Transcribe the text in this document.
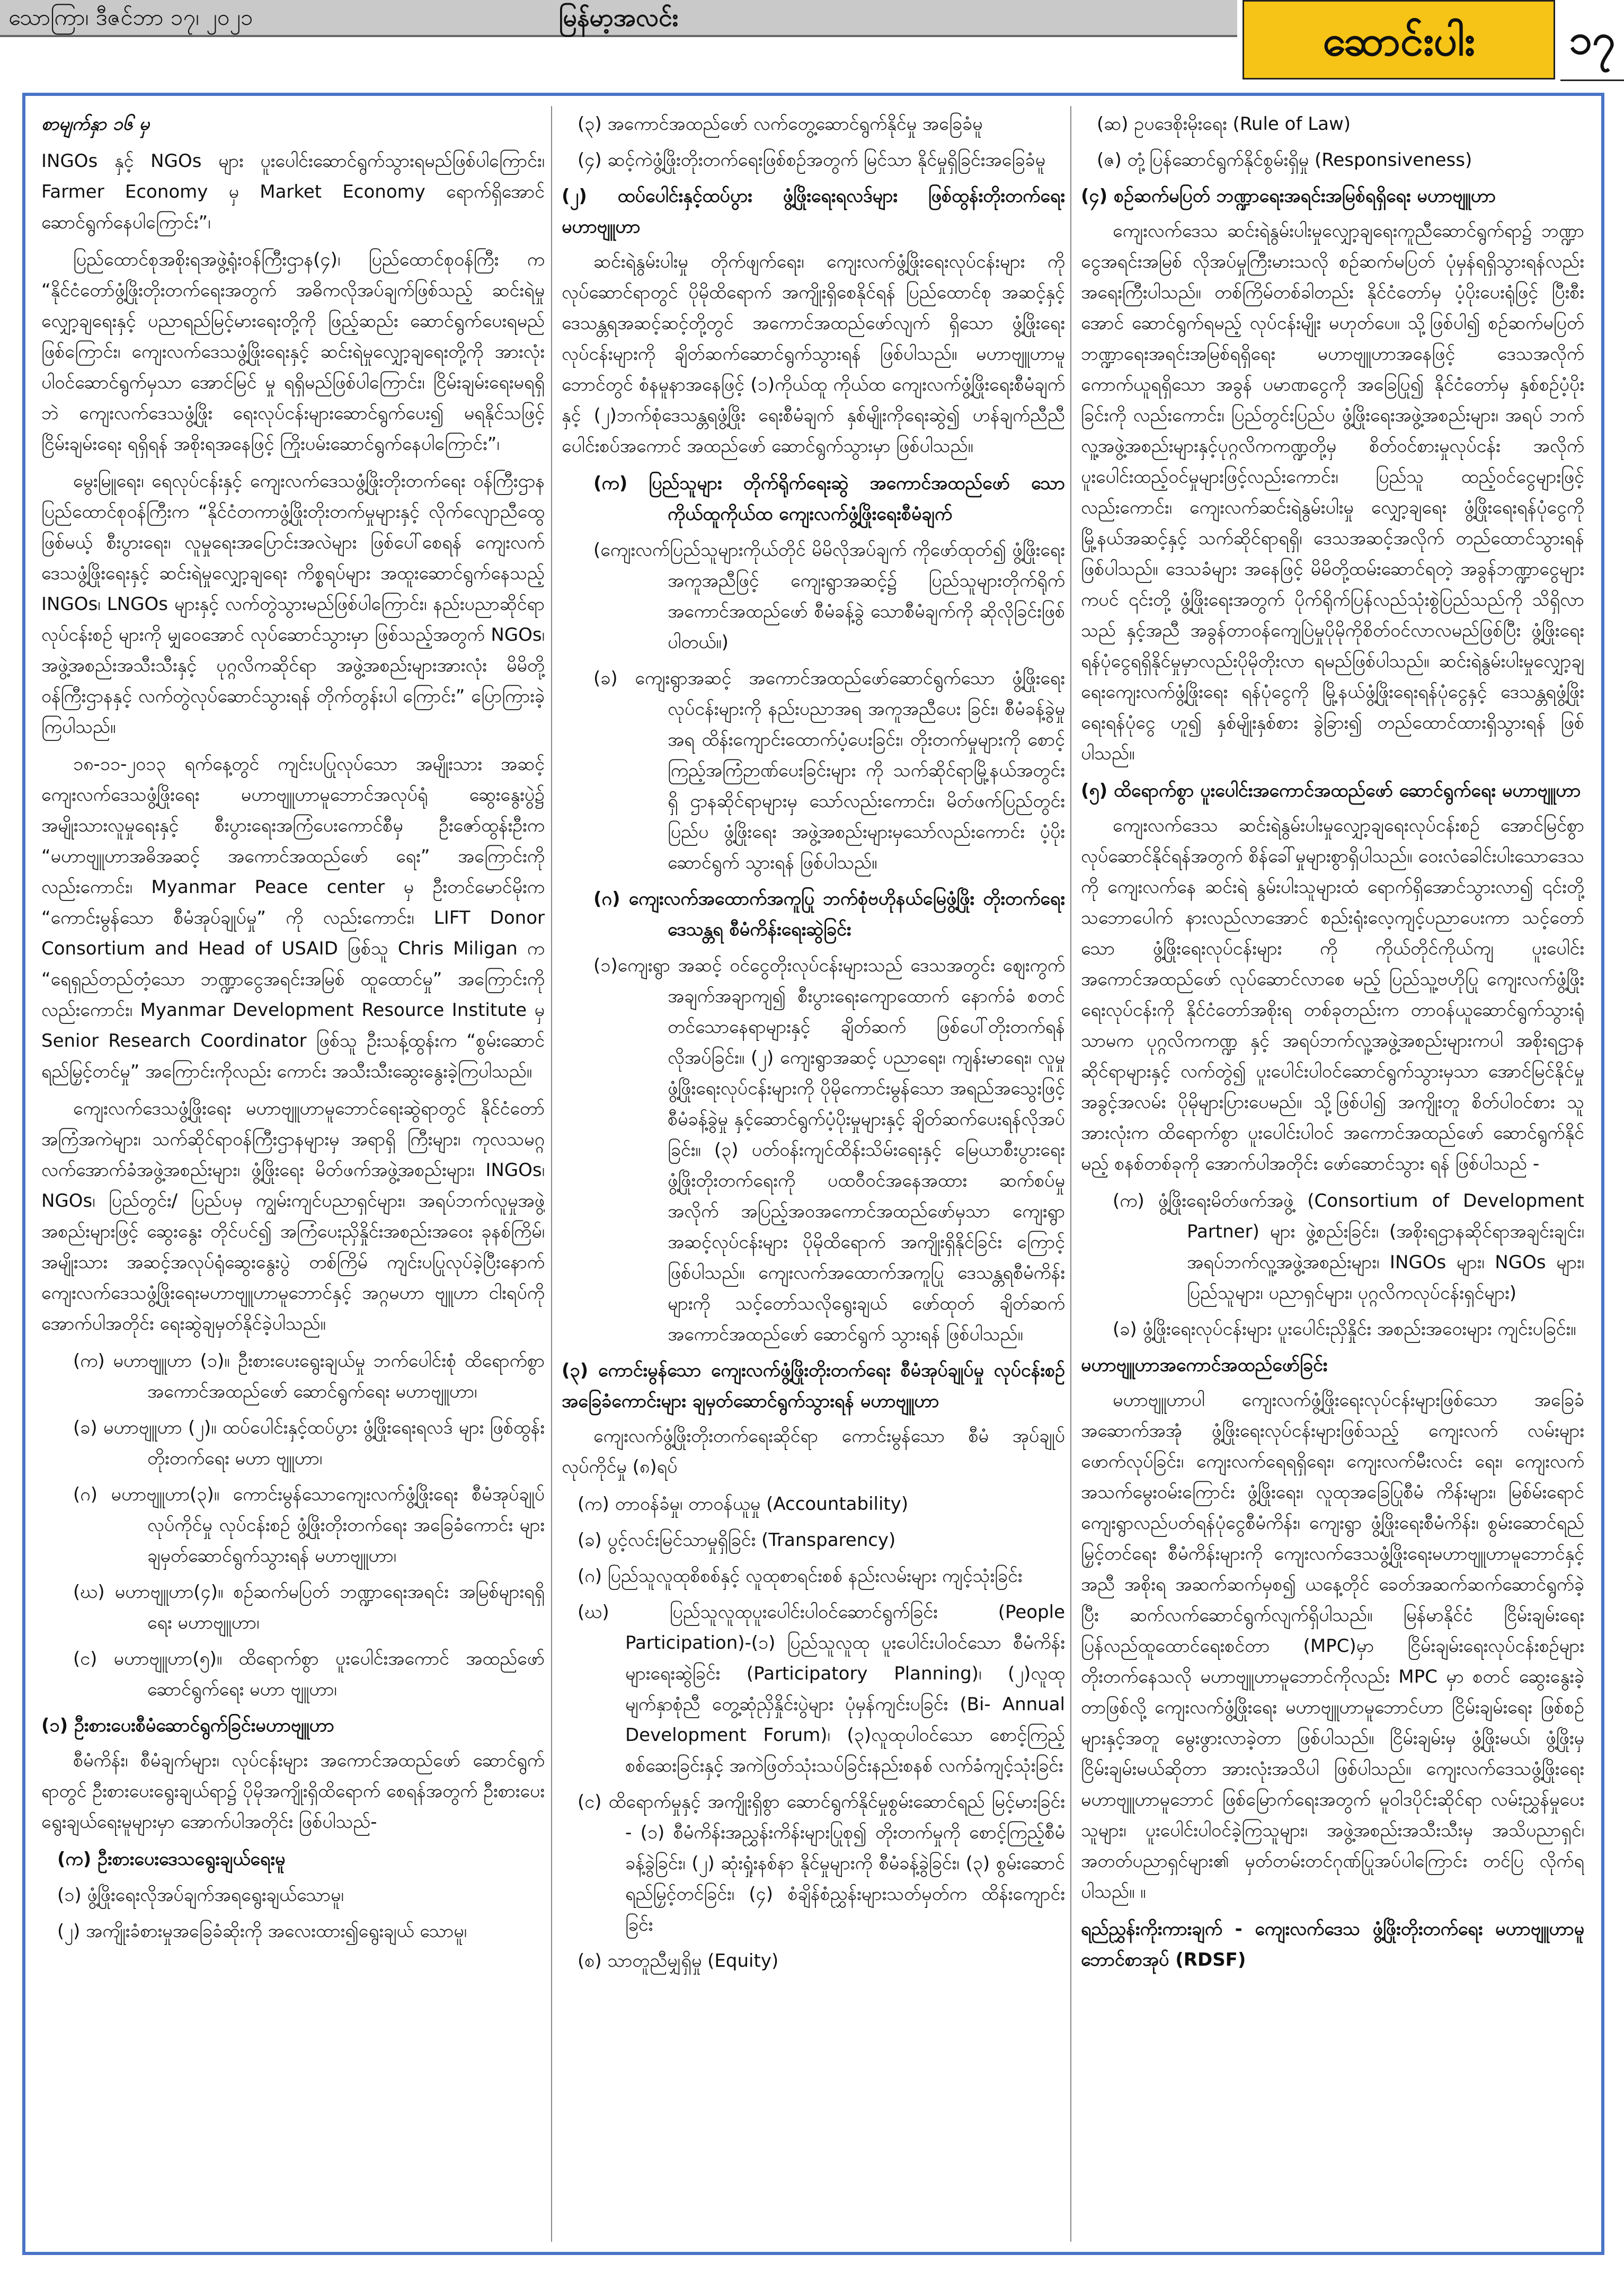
သောကြာ၊ ဒီဇင်ဘာ ၁၇၊ ၂၀၂၁	မြန်မာ့အလင်း	ဆောင်းပါး	၁၇

စာမျက်နှာ ၁၆ မှ

INGOs နှင့် NGOs များ ပူးပေါင်းဆောင်ရွက်သွားရမည်ဖြစ်ပါကြောင်း၊ Farmer Economy မှ Market Economy ရောက်ရှိအောင် ဆောင်ရွက်နေပါကြောင်း”၊

ပြည်ထောင်စုအစိုးရအဖွဲ့ရုံးဝန်ကြီးဌာန(၄)၊ ပြည်ထောင်စုဝန်ကြီး က “နိုင်ငံတော်ဖွံ့ဖြိုးတိုးတက်ရေးအတွက် အဓိကလိုအပ်ချက်ဖြစ်သည့် ဆင်းရဲမှုလျှော့ချရေးနှင့် ပညာရည်မြင့်မားရေးတို့ကို ဖြည့်ဆည်း ဆောင်ရွက်ပေးရမည်ဖြစ်ကြောင်း၊ ကျေးလက်ဒေသဖွံ့ဖြိုးရေးနှင့် ဆင်းရဲမှုလျှော့ချရေးတို့ကို အားလုံးပါဝင်ဆောင်ရွက်မှသာ အောင်မြင် မှု ရရှိမည်ဖြစ်ပါကြောင်း၊ ငြိမ်းချမ်းရေးမရရှိဘဲ ကျေးလက်ဒေသဖွံ့ဖြိုး ရေးလုပ်ငန်းများဆောင်ရွက်ပေး၍ မရနိုင်သဖြင့် ငြိမ်းချမ်းရေး ရရှိရန် အစိုးရအနေဖြင့် ကြိုးပမ်းဆောင်ရွက်နေပါကြောင်း”၊

မွေးမြူရေး၊ ရေလုပ်ငန်းနှင့် ကျေးလက်ဒေသဖွံ့ဖြိုးတိုးတက်ရေး ဝန်ကြီးဌာန ပြည်ထောင်စုဝန်ကြီးက “နိုင်ငံတကာဖွံ့ဖြိုးတိုးတက်မှုများနှင့် လိုက်လျောညီထွေဖြစ်မယ့် စီးပွားရေး၊ လူမှုရေးအပြောင်းအလဲများ ဖြစ်ပေါ်စေရန် ကျေးလက်ဒေသဖွံ့ဖြိုးရေးနှင့် ဆင်းရဲမှုလျှော့ချရေး ကိစ္စရပ်များ အထူးဆောင်ရွက်နေသည့် INGOs၊ LNGOs များနှင့် လက်တွဲသွားမည်ဖြစ်ပါကြောင်း၊ နည်းပညာဆိုင်ရာလုပ်ငန်းစဉ် များကို မျှဝေအောင် လုပ်ဆောင်သွားမှာ ဖြစ်သည့်အတွက် NGOs၊ အဖွဲ့အစည်းအသီးသီးနှင့် ပုဂ္ဂလိကဆိုင်ရာ အဖွဲ့အစည်းများအားလုံး မိမိတို့ ဝန်ကြီးဌာနနှင့် လက်တွဲလုပ်ဆောင်သွားရန် တိုက်တွန်းပါ ကြောင်း” ပြောကြားခဲ့ကြပါသည်။

၁၈-၁၁-၂၀၁၃ ရက်နေ့တွင် ကျင်းပပြုလုပ်သော အမျိုးသား အဆင့် ကျေးလက်ဒေသဖွံ့ဖြိုးရေး မဟာဗျူဟာမူဘောင်အလုပ်ရုံ ဆွေးနွေးပွဲ၌ အမျိုးသားလူမှုရေးနှင့် စီးပွားရေးအကြံပေးကောင်စီမှ ဦးဇော်ထွန်းဦးက “မဟာဗျူဟာအဓိအဆင့် အကောင်အထည်ဖော် ရေး” အကြောင်းကိုလည်းကောင်း၊ Myanmar Peace center မှ ဦးတင်မောင်မိုးက “ကောင်းမွန်သော စီမံအုပ်ချုပ်မှု” ကို လည်းကောင်း၊ LIFT Donor Consortium and Head of USAID ဖြစ်သူ Chris Miligan က “ရေရှည်တည်တံ့သော ဘဏ္ဍာငွေအရင်းအမြစ် ထူထောင်မှု” အကြောင်းကိုလည်းကောင်း၊ Myanmar Development Resource Institute မှ Senior Research Coordinator ဖြစ်သူ ဦးသန့်ထွန်းက “စွမ်းဆောင်ရည်မြှင့်တင်မှု” အကြောင်းကိုလည်း ကောင်း အသီးသီးဆွေးနွေးခဲ့ကြပါသည်။

ကျေးလက်ဒေသဖွံ့ဖြိုးရေး မဟာဗျူဟာမူဘောင်ရေးဆွဲရာတွင် နိုင်ငံတော်အကြံအကဲများ၊ သက်ဆိုင်ရာဝန်ကြီးဌာနများမှ အရာရှိ ကြီးများ၊ ကုလသမဂ္ဂလက်အောက်ခံအဖွဲ့အစည်းများ၊ ဖွံ့ဖြိုးရေး မိတ်ဖက်အဖွဲ့အစည်းများ၊ INGOs၊ NGOs၊ ပြည်တွင်း/ ပြည်ပမှ ကျွမ်းကျင်ပညာရှင်များ၊ အရပ်ဘက်လူမှုအဖွဲ့အစည်းများဖြင့် ဆွေးနွေး တိုင်ပင်၍ အကြံပေးညှိနှိုင်းအစည်းအဝေး ခုနစ်ကြိမ်၊ အမျိုးသား အဆင့်အလုပ်ရုံဆွေးနွေးပွဲ တစ်ကြိမ် ကျင်းပပြုလုပ်ခဲ့ပြီးနောက် ကျေးလက်ဒေသဖွံ့ဖြိုးရေးမဟာဗျူဟာမူဘောင်နှင့် အဂ္ဂမဟာ ဗျူဟာ ငါးရပ်ကို အောက်ပါအတိုင်း ရေးဆွဲချမှတ်နိုင်ခဲ့ပါသည်။

(က) မဟာဗျူဟာ (၁)။ ဦးစားပေးရွေးချယ်မှု ဘက်ပေါင်းစုံ ထိရောက်စွာ အကောင်အထည်ဖော် ဆောင်ရွက်ရေး မဟာဗျူဟာ၊

(ခ) မဟာဗျူဟာ (၂)။ ထပ်ပေါင်းနှင့်ထပ်ပွား ဖွံ့ဖြိုးရေးရလဒ် များ ဖြစ်ထွန်းတိုးတက်ရေး မဟာ ဗျူဟာ၊

(ဂ) မဟာဗျူဟာ(၃)။ ကောင်းမွန်သောကျေးလက်ဖွံ့ဖြိုးရေး စီမံအုပ်ချုပ်လုပ်ကိုင်မှု လုပ်ငန်းစဉ် ဖွံ့ဖြိုးတိုးတက်ရေး အခြေခံကောင်း များ ချမှတ်ဆောင်ရွက်သွားရန် မဟာဗျူဟာ၊

(ဃ) မဟာဗျူဟာ(၄)။ စဉ်ဆက်မပြတ် ဘဏ္ဍာရေးအရင်း အမြစ်များရရှိရေး မဟာဗျူဟာ၊

(င) မဟာဗျူဟာ(၅)။ ထိရောက်စွာ ပူးပေါင်းအကောင် အထည်ဖော်ဆောင်ရွက်ရေး မဟာ ဗျူဟာ၊

(၁) ဦးစားပေးစီမံဆောင်ရွက်ခြင်းမဟာဗျူဟာ

စီမံကိန်း၊ စီမံချက်များ၊ လုပ်ငန်းများ အကောင်အထည်ဖော် ဆောင်ရွက်ရာတွင် ဦးစားပေးရွေးချယ်ရာ၌ ပိုမိုအကျိုးရှိထိရောက် စေရန်အတွက် ဦးစားပေးရွေးချယ်ရေးမူများမှာ အောက်ပါအတိုင်း ဖြစ်ပါသည်-

(က) ဦးစားပေးဒေသရွေးချယ်ရေးမူ

(၁) ဖွံ့ဖြိုးရေးလိုအပ်ချက်အရရွေးချယ်သောမူ၊

(၂) အကျိုးခံစားမှုအခြေခံဆိုးကို အလေးထား၍ရွေးချယ် သောမူ၊

(၃) အကောင်အထည်ဖော် လက်တွေ့ဆောင်ရွက်နိုင်မှု အခြေခံမူ

(၄) ဆင့်ကဲဖွံ့ဖြိုးတိုးတက်ရေးဖြစ်စဉ်အတွက် မြင်သာ နိုင်မှုရှိခြင်းအခြေခံမူ

(၂) ထပ်ပေါင်းနှင့်ထပ်ပွား ဖွံ့ဖြိုးရေးရလဒ်များ ဖြစ်ထွန်းတိုးတက်ရေး မဟာဗျူဟာ

ဆင်းရဲနွမ်းပါးမှု တိုက်ဖျက်ရေး၊ ကျေးလက်ဖွံ့ဖြိုးရေးလုပ်ငန်းများ ကို လုပ်ဆောင်ရာတွင် ပိုမိုထိရောက် အကျိုးရှိစေနိုင်ရန် ပြည်ထောင်စု အဆင့်နှင့် ဒေသန္တရအဆင့်ဆင့်တို့တွင် အကောင်အထည်ဖော်လျက် ရှိသော ဖွံ့ဖြိုးရေးလုပ်ငန်းများကို ချိတ်ဆက်ဆောင်ရွက်သွားရန် ဖြစ်ပါသည်။ မဟာဗျူဟာမူဘောင်တွင် စံနမူနာအနေဖြင့် (၁)ကိုယ်ထူ ကိုယ်ထ ကျေးလက်ဖွံ့ဖြိုးရေးစီမံချက်နှင့် (၂)ဘက်စုံဒေသန္တရဖွံ့ဖြိုး ရေးစီမံချက် နှစ်မျိုးကိုရေးဆွဲ၍ ဟန်ချက်ညီညီ ပေါင်းစပ်အကောင် အထည်ဖော် ဆောင်ရွက်သွားမှာ ဖြစ်ပါသည်။

(က) ပြည်သူများ တိုက်ရိုက်ရေးဆွဲ အကောင်အထည်ဖော် သော ကိုယ်ထူကိုယ်ထ ကျေးလက်ဖွံ့ဖြိုးရေးစီမံချက်

(ကျေးလက်ပြည်သူများကိုယ်တိုင် မိမိလိုအပ်ချက် ကိုဖော်ထုတ်၍ ဖွံ့ဖြိုးရေးအကူအညီဖြင့် ကျေးရွာအဆင့်၌ ပြည်သူများတိုက်ရိုက် အကောင်အထည်ဖော် စီမံခန့်ခွဲ သောစီမံချက်ကို ဆိုလိုခြင်းဖြစ်ပါတယ်။)

(ခ) ကျေးရွာအဆင့် အကောင်အထည်ဖော်ဆောင်ရွက်သော ဖွံ့ဖြိုးရေးလုပ်ငန်းများကို နည်းပညာအရ အကူအညီပေး ခြင်း၊ စီမံခန့်ခွဲမှုအရ ထိန်းကျောင်းထောက်ပံ့ပေးခြင်း၊ တိုးတက်မှုများကို စောင့်ကြည့်အကြံဉာဏ်ပေးခြင်းများ ကို သက်ဆိုင်ရာမြို့နယ်အတွင်းရှိ ဌာနဆိုင်ရာများမှ သော်လည်းကောင်း၊ မိတ်ဖက်ပြည်တွင်းပြည်ပ ဖွံ့ဖြိုးရေး အဖွဲ့အစည်းများမှသော်လည်းကောင်း ပံ့ပိုးဆောင်ရွက် သွားရန် ဖြစ်ပါသည်။

(ဂ) ကျေးလက်အထောက်အကူပြု ဘက်စုံဗဟိုနယ်မြေဖွံ့ဖြိုး တိုးတက်ရေး ဒေသန္တရ စီမံကိန်းရေးဆွဲခြင်း

(၁)ကျေးရွာ အဆင့် ဝင်ငွေတိုးလုပ်ငန်းများသည် ဒေသအတွင်း ဈေးကွက်အချက်အချာကျ၍ စီးပွားရေးကျောထောက် နောက်ခံ စတင်တင်သောနေရာများနှင့် ချိတ်ဆက် ဖြစ်ပေါ်တိုးတက်ရန် လိုအပ်ခြင်း။ (၂) ကျေးရွာအဆင့် ပညာရေး၊ ကျန်းမာရေး၊ လူမှုဖွံ့ဖြိုးရေးလုပ်ငန်းများကို ပိုမိုကောင်းမွန်သော အရည်အသွေးဖြင့် စီမံခန့်ခွဲမှု နှင့်ဆောင်ရွက်ပံ့ပိုးမှုများနှင့် ချိတ်ဆက်ပေးရန်လိုအပ်ခြင်း။ (၃) ပတ်ဝန်းကျင်ထိန်းသိမ်းရေးနှင့် မြေယာစီးပွားရေး ဖွံ့ဖြိုးတိုးတက်ရေးကို ပထဝီဝင်အနေအထား ဆက်စပ်မှု အလိုက် အပြည့်အဝအကောင်အထည်ဖော်မှသာ ကျေးရွာ အဆင့်လုပ်ငန်းများ ပိုမိုထိရောက် အကျိုးရှိနိုင်ခြင်း ကြောင့် ဖြစ်ပါသည်။ ကျေးလက်အထောက်အကူပြု ဒေသန္တရစီမံကိန်းများကို သင့်တော်သလိုရွေးချယ် ဖော်ထုတ် ချိတ်ဆက်အကောင်အထည်ဖော် ဆောင်ရွက် သွားရန် ဖြစ်ပါသည်။

(၃) ကောင်းမွန်သော ကျေးလက်ဖွံ့ဖြိုးတိုးတက်ရေး စီမံအုပ်ချုပ်မှု လုပ်ငန်းစဉ် အခြေခံကောင်းများ ချမှတ်ဆောင်ရွက်သွားရန် မဟာဗျူဟာ

ကျေးလက်ဖွံ့ဖြိုးတိုးတက်ရေးဆိုင်ရာ ကောင်းမွန်သော စီမံ အုပ်ချုပ်လုပ်ကိုင်မှု (၈)ရပ်

(က) တာဝန်ခံမှု၊ တာဝန်ယူမှု (Accountability)

(ခ) ပွင့်လင်းမြင်သာမှုရှိခြင်း (Transparency)

(ဂ) ပြည်သူလူထုစိစစ်နှင့် လူထုစာရင်းစစ် နည်းလမ်းများ ကျင့်သုံးခြင်း

(ဃ) ပြည်သူလူထုပူးပေါင်းပါဝင်ဆောင်ရွက်ခြင်း (People Participation)-(၁) ပြည်သူလူထု ပူးပေါင်းပါဝင်သော စီမံကိန်းများရေးဆွဲခြင်း (Participatory Planning)၊ (၂)လူထုမျက်နှာစုံညီ တွေ့ဆုံညှိနှိုင်းပွဲများ ပုံမှန်ကျင်းပခြင်း (Bi- Annual Development Forum)၊ (၃)လူထုပါဝင်သော စောင့်ကြည့်စစ်ဆေးခြင်းနှင့် အကဲဖြတ်သုံးသပ်ခြင်းနည်းစနစ် လက်ခံကျင့်သုံးခြင်း

(င) ထိရောက်မှုနှင့် အကျိုးရှိစွာ ဆောင်ရွက်နိုင်မှုစွမ်းဆောင်ရည် မြင့်မားခြင်း - (၁) စီမံကိန်းအညွှန်းကိန်းများပြုစု၍ တိုးတက်မှုကို စောင့်ကြည့်စီမံခန့်ခွဲခြင်း၊ (၂) ဆုံးရှုံးနစ်နာ နိုင်မှုများကို စီမံခန့်ခွဲခြင်း၊ (၃) စွမ်းဆောင်ရည်မြှင့်တင်ခြင်း၊ (၄) စံချိန်စံညွှန်းများသတ်မှတ်က ထိန်းကျောင်းခြင်း

(စ) သာတူညီမျှရှိမှု (Equity)

(ဆ) ဥပဒေစိုးမိုးရေး (Rule of Law)

(ဇ) တုံ့ပြန်ဆောင်ရွက်နိုင်စွမ်းရှိမှု (Responsiveness)

(၄) စဉ်ဆက်မပြတ် ဘဏ္ဍာရေးအရင်းအမြစ်ရရှိရေး မဟာဗျူဟာ

ကျေးလက်ဒေသ ဆင်းရဲနွမ်းပါးမှုလျှော့ချရေးကူညီဆောင်ရွက်ရာ၌ ဘဏ္ဍာငွေအရင်းအမြစ် လိုအပ်မှုကြီးမားသလို စဉ်ဆက်မပြတ် ပုံမှန်ရရှိသွားရန်လည်း အရေးကြီးပါသည်။ တစ်ကြိမ်တစ်ခါတည်း နိုင်ငံတော်မှ ပံ့ပိုးပေးရုံဖြင့် ပြီးစီးအောင် ဆောင်ရွက်ရမည့် လုပ်ငန်းမျိုး မဟုတ်ပေ။ သို့ဖြစ်ပါ၍ စဉ်ဆက်မပြတ် ဘဏ္ဍာရေးအရင်းအမြစ်ရရှိရေး မဟာဗျူဟာအနေဖြင့် ဒေသအလိုက် ကောက်ယူရရှိသော အခွန် ပမာဏငွေကို အခြေပြု၍ နိုင်ငံတော်မှ နှစ်စဉ်ပံ့ပိုးခြင်းကို လည်းကောင်း၊ ပြည်တွင်းပြည်ပ ဖွံ့ဖြိုးရေးအဖွဲ့အစည်းများ၊ အရပ် ဘက်လူ့အဖွဲ့အစည်းများနှင့်ပုဂ္ဂလိကကဏ္ဍတို့မှ စိတ်ဝင်စားမှုလုပ်ငန်း အလိုက် ပူးပေါင်းထည့်ဝင်မှုများဖြင့်လည်းကောင်း၊ ပြည်သူ ထည့်ဝင်ငွေများဖြင့်လည်းကောင်း၊ ကျေးလက်ဆင်းရဲနွမ်းပါးမှု လျှော့ချရေး ဖွံ့ဖြိုးရေးရန်ပုံငွေကို မြို့နယ်အဆင့်နှင့် သက်ဆိုင်ရာရရှိ၊ ဒေသအဆင့်အလိုက် တည်ထောင်သွားရန် ဖြစ်ပါသည်။ ဒေသခံများ အနေဖြင့် မိမိတို့ထမ်းဆောင်ရတဲ့ အခွန်ဘဏ္ဍာငွေများကပင် ၎င်းတို့ ဖွံ့ဖြိုးရေးအတွက် ပိုက်ရိုက်ပြန်လည်သုံးစွဲပြည်သည်ကို သိရှိလာသည် နှင့်အညီ အခွန်တာဝန်ကျေပြဲမှုပိုမိုကိုစိတ်ဝင်လာလမည်ဖြစ်ပြီး ဖွံ့ဖြိုးရေးရန်ပုံငွေရရှိနိုင်မှုမှာလည်းပိုမိုတိုးလာ ရမည်ဖြစ်ပါသည်။ ဆင်းရဲနွမ်းပါးမှုလျှော့ချရေးကျေးလက်ဖွံ့ဖြိုးရေး ရန်ပုံငွေကို မြို့နယ်ဖွံ့ဖြိုးရေးရန်ပုံငွေနှင့် ဒေသန္တရဖွံ့ဖြိုးရေးရန်ပုံငွေ ဟူ၍ နှစ်မျိုးနှစ်စား ခွဲခြား၍ တည်ထောင်ထားရှိသွားရန် ဖြစ်ပါသည်။

(၅) ထိရောက်စွာ ပူးပေါင်းအကောင်အထည်ဖော် ဆောင်ရွက်ရေး မဟာဗျူဟာ

ကျေးလက်ဒေသ ဆင်းရဲနွမ်းပါးမှုလျှော့ချရေးလုပ်ငန်းစဉ် အောင်မြင်စွာ လုပ်ဆောင်နိုင်ရန်အတွက် စိန်ခေါ်မှုများစွာရှိပါသည်။ ဝေးလံခေါင်းပါးသောဒေသကို ကျေးလက်နေ ဆင်းရဲ နွမ်းပါးသူများထံ ရောက်ရှိအောင်သွားလာ၍ ၎င်းတို့သဘောပေါက် နားလည်လာအောင် စည်းရုံးလေ့ကျင့်ပညာပေးကာ သင့်တော်သော ဖွံ့ဖြိုးရေးလုပ်ငန်းများ ကို ကိုယ်တိုင်ကိုယ်ကျ ပူးပေါင်းအကောင်အထည်ဖော် လုပ်ဆောင်လာစေ မည့် ပြည်သူ့ဗဟိုပြု ကျေးလက်ဖွံ့ဖြိုးရေးလုပ်ငန်းကို နိုင်ငံတော်အစိုးရ တစ်ခုတည်းက တာဝန်ယူဆောင်ရွက်သွားရုံသာမက ပုဂ္ဂလိကကဏ္ဍ နှင့် အရပ်ဘက်လူ့အဖွဲ့အစည်းများကပါ အစိုးရဌာနဆိုင်ရာများနှင့် လက်တွဲ၍ ပူးပေါင်းပါဝင်ဆောင်ရွက်သွားမှသာ အောင်မြင်နိုင်မှု အခွင့်အလမ်း ပိုမိုများပြားပေမည်။ သို့ဖြစ်ပါ၍ အကျိုးတူ စိတ်ပါဝင်စား သူအားလုံးက ထိရောက်စွာ ပူးပေါင်းပါဝင် အကောင်အထည်ဖော် ဆောင်ရွက်နိုင်မည့် စနစ်တစ်ခုကို အောက်ပါအတိုင်း ဖော်ဆောင်သွား ရန် ဖြစ်ပါသည် -

(က) ဖွံ့ဖြိုးရေးမိတ်ဖက်အဖွဲ့ (Consortium of Development Partner) များ ဖွဲ့စည်းခြင်း၊ (အစိုးရဌာနဆိုင်ရာအချင်းချင်း၊ အရပ်ဘက်လူ့အဖွဲ့အစည်းများ၊ INGOs များ၊ NGOs များ၊ ပြည်သူများ၊ ပညာရှင်များ၊ ပုဂ္ဂလိကလုပ်ငန်းရှင်များ)

(ခ) ဖွံ့ဖြိုးရေးလုပ်ငန်းများ ပူးပေါင်းညှိနှိုင်း အစည်းအဝေးများ ကျင်းပခြင်း။

မဟာဗျူဟာအကောင်အထည်ဖော်ခြင်း

မဟာဗျူဟာပါ ကျေးလက်ဖွံ့ဖြိုးရေးလုပ်ငန်းများဖြစ်သော အခြေခံအဆောက်အအုံ ဖွံ့ဖြိုးရေးလုပ်ငန်းများဖြစ်သည့် ကျေးလက် လမ်းများဖောက်လုပ်ခြင်း၊ ကျေးလက်ရေရရှိရေး၊ ကျေးလက်မီးလင်း ရေး၊ ကျေးလက်အသက်မွေးဝမ်းကြောင်း ဖွံ့ဖြိုးရေး၊ လူထုအခြေပြုစီမံ ကိန်းများ၊ မြစ်မ်းရောင်ကျေးရွာလည်ပတ်ရန်ပုံငွေစီမံကိန်း၊ ကျေးရွာ ဖွံ့ဖြိုးရေးစီမံကိန်း၊ စွမ်းဆောင်ရည်မြှင့်တင်ရေး စီမံကိန်းများကို ကျေးလက်ဒေသဖွံ့ဖြိုးရေးမဟာဗျူဟာမူဘောင်နှင့်အညီ အစိုးရ အဆက်ဆက်မှစ၍ ယနေ့တိုင် ခေတ်အဆက်ဆက်ဆောင်ရွက်ခဲ့ပြီး ဆက်လက်ဆောင်ရွက်လျက်ရှိပါသည်။ မြန်မာနိုင်ငံ ငြိမ်းချမ်းရေး ပြန်လည်ထူထောင်ရေးစင်တာ (MPC)မှာ ငြိမ်းချမ်းရေးလုပ်ငန်းစဉ်များ တိုးတက်နေသလို မဟာဗျူဟာမူဘောင်ကိုလည်း MPC မှာ စတင် ဆွေးနွေးခဲ့တာဖြစ်လို့ ကျေးလက်ဖွံ့ဖြိုးရေး မဟာဗျူဟာမူဘောင်ဟာ ငြိမ်းချမ်းရေး ဖြစ်စဉ်များနှင့်အတူ မွေးဖွားလာခဲ့တာ ဖြစ်ပါသည်။ ငြိမ်းချမ်းမှ ဖွံ့ဖြိုးမယ်၊ ဖွံ့ဖြိုးမှငြိမ်းချမ်းမယ်ဆိုတာ အားလုံးအသိပါ ဖြစ်ပါသည်။ ကျေးလက်ဒေသဖွံ့ဖြိုးရေး မဟာဗျူဟာမူဘောင် ဖြစ်မြောက်ရေးအတွက် မူဝါဒပိုင်းဆိုင်ရာ လမ်းညွှန်မှုပေးသူများ၊ ပူးပေါင်းပါဝင်ခဲ့ကြသူများ၊ အဖွဲ့အစည်းအသီးသီးမှ အသိပညာရှင်၊ အတတ်ပညာရှင်များ၏ မှတ်တမ်းတင်ဂုဏ်ပြုအပ်ပါကြောင်း တင်ပြ လိုက်ရပါသည်။ ။

ရည်ညွှန်းကိုးကားချက် - ကျေးလက်ဒေသ ဖွံ့ဖြိုးတိုးတက်ရေး မဟာဗျူဟာမူဘောင်စာအုပ် (RDSF)
